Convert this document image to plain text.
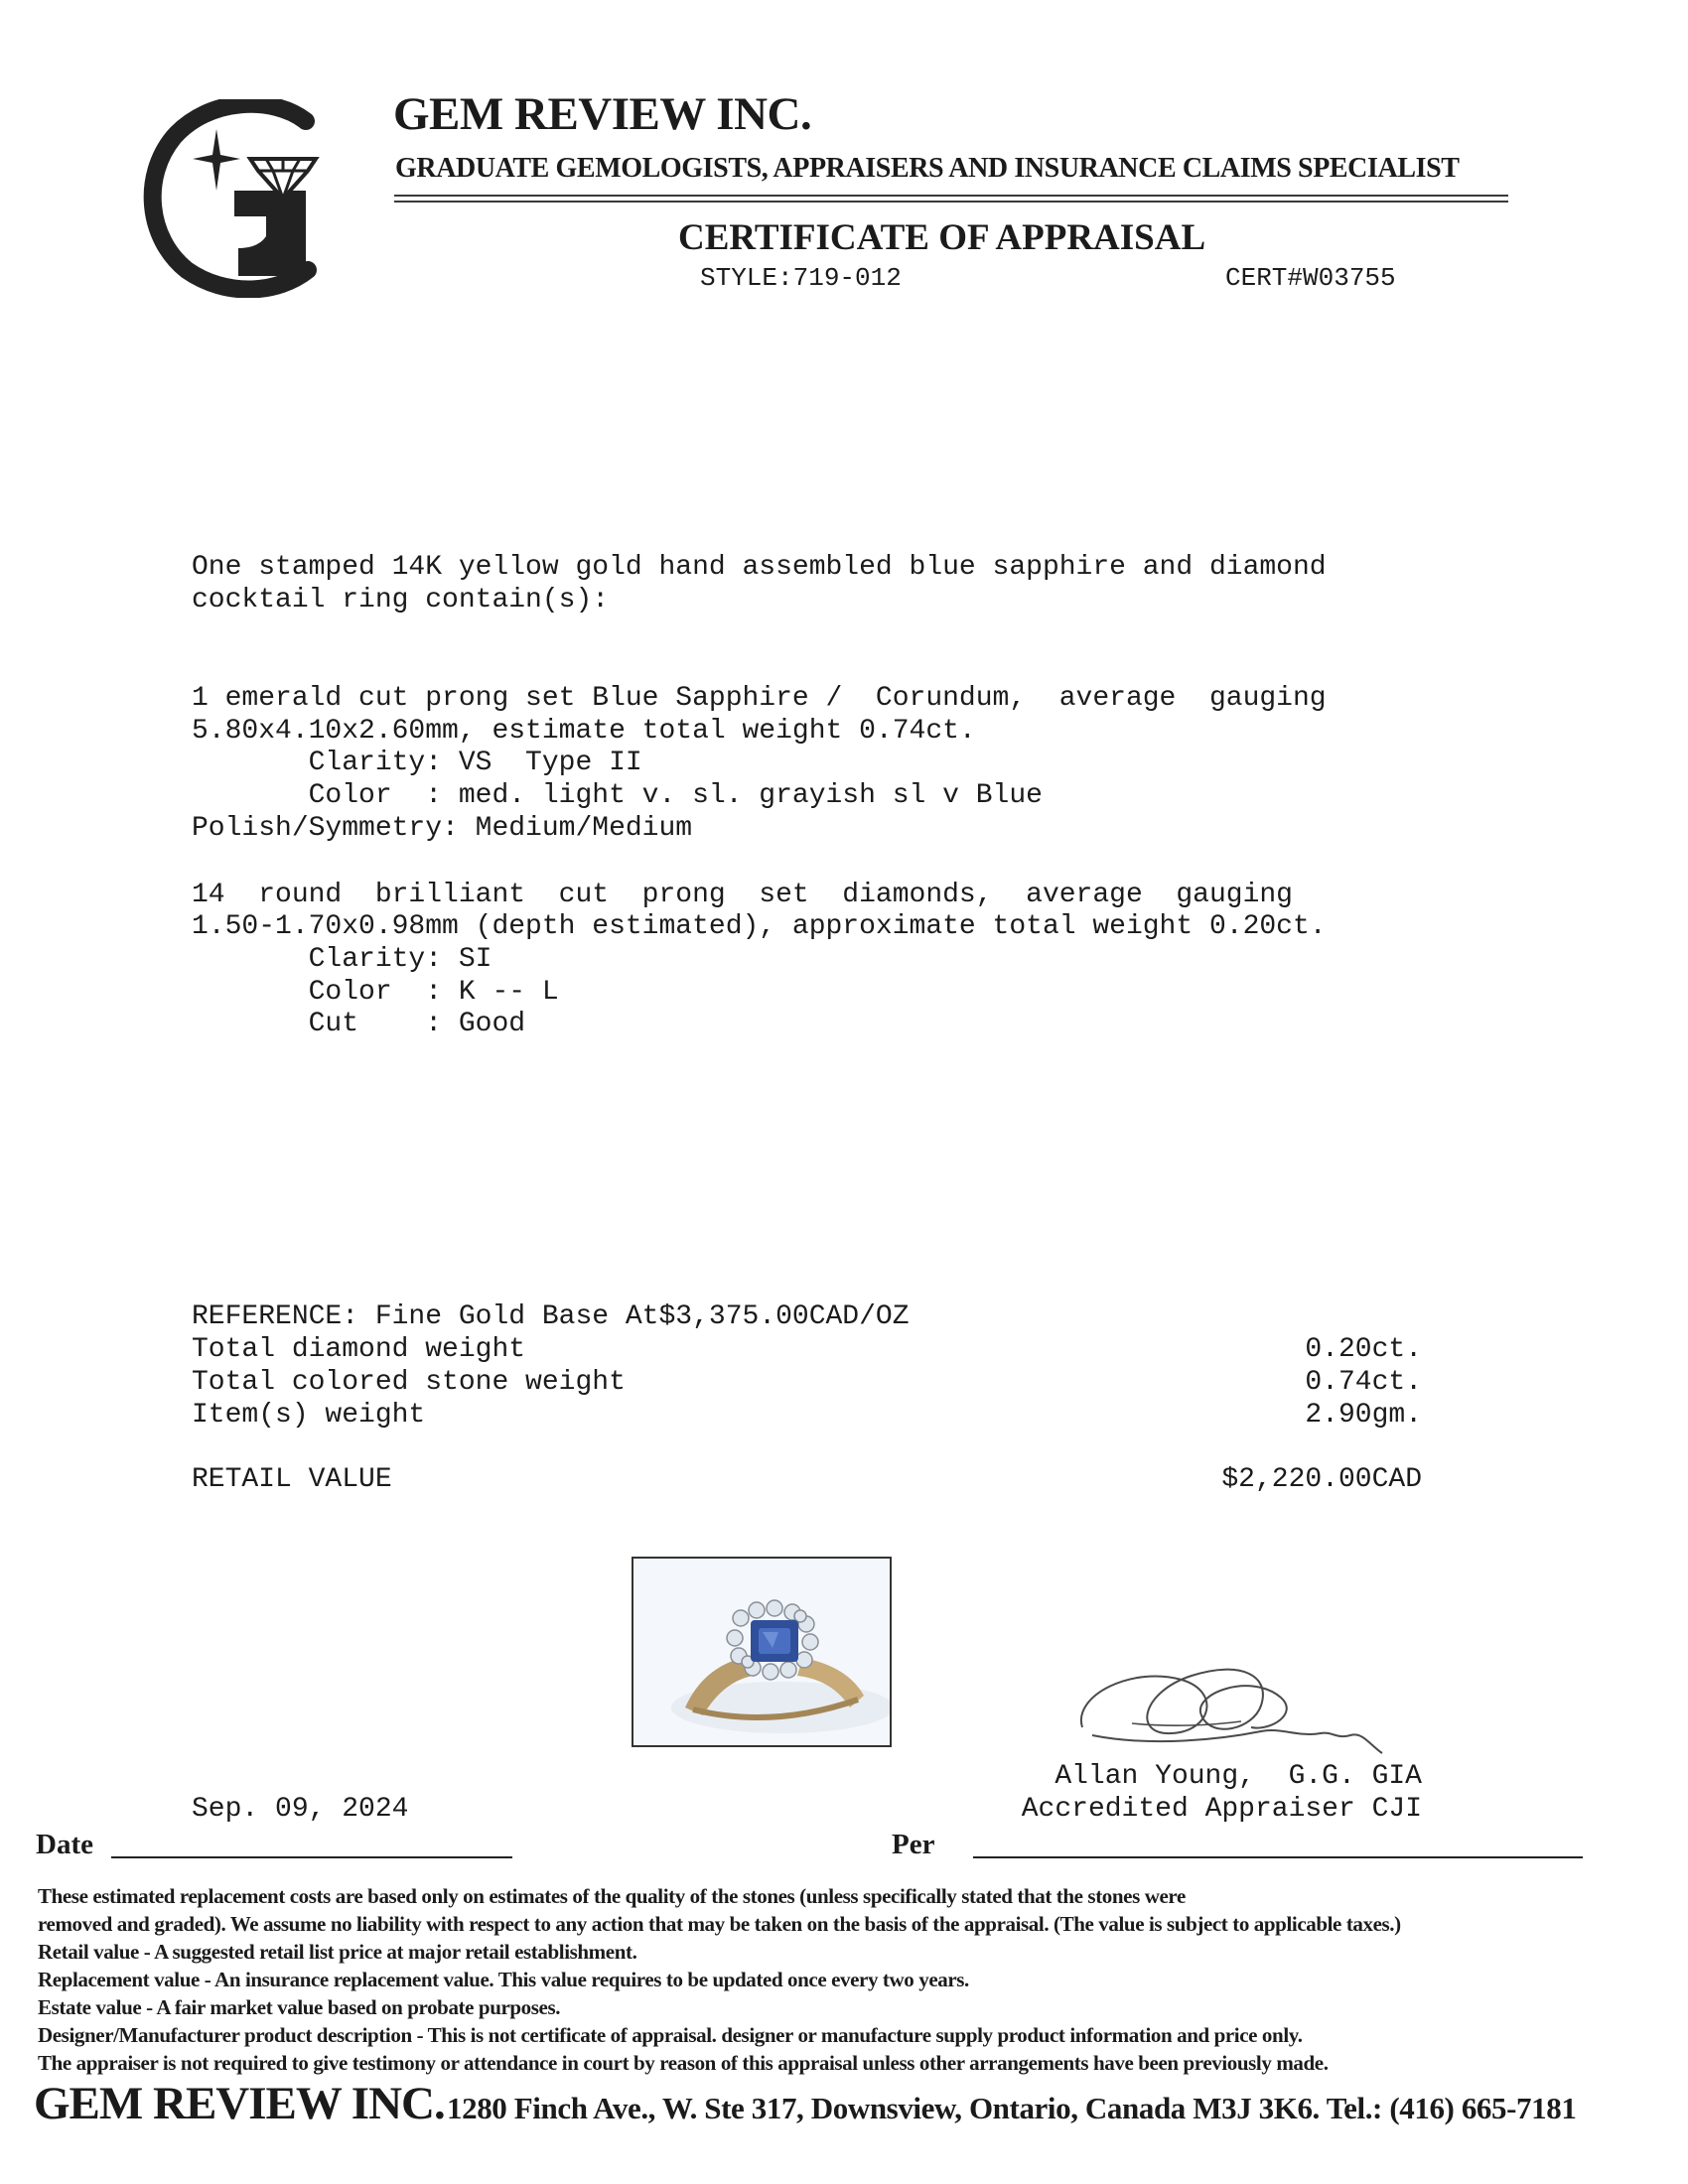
GEM REVIEW INC.
GRADUATE GEMOLOGISTS, APPRAISERS AND INSURANCE CLAIMS SPECIALIST
CERTIFICATE OF APPRAISAL
STYLE:719-012	CERT#W03755
One stamped 14K yellow gold hand assembled blue sapphire and diamond
cocktail ring contain(s):
1 emerald cut prong set Blue Sapphire /  Corundum,  average  gauging
5.80x4.10x2.60mm, estimate total weight 0.74ct.
Clarity: VS  Type II
Color  : med. light v. sl. grayish sl v Blue
Polish/Symmetry: Medium/Medium
14  round  brilliant  cut  prong  set  diamonds,  average  gauging
1.50-1.70x0.98mm (depth estimated), approximate total weight 0.20ct.
Clarity: SI
Color  : K -- L
Cut    : Good
REFERENCE: Fine Gold Base At$3,375.00CAD/OZ
Total diamond weight	0.20ct.
Total colored stone weight	0.74ct.
Item(s) weight	2.90gm.
RETAIL VALUE	$2,220.00CAD
Allan Young,  G.G. GIA
Accredited Appraiser CJI
Sep. 09, 2024
Date	Per
These estimated replacement costs are based only on estimates of the quality of the stones (unless specifically stated that the stones were
removed and graded). We assume no liability with respect to any action that may be taken on the basis of the appraisal. (The value is subject to applicable taxes.)
Retail value - A suggested retail list price at major retail establishment.
Replacement value - An insurance replacement value. This value requires to be updated once every two years.
Estate value - A fair market value based on probate purposes.
Designer/Manufacturer product description - This is not certificate of appraisal. designer or manufacture supply product information and price only.
The appraiser is not required to give testimony or attendance in court by reason of this appraisal unless other arrangements have been previously made.
GEM REVIEW INC. 1280 Finch Ave., W. Ste 317, Downsview, Ontario, Canada M3J 3K6. Tel.: (416) 665-7181
